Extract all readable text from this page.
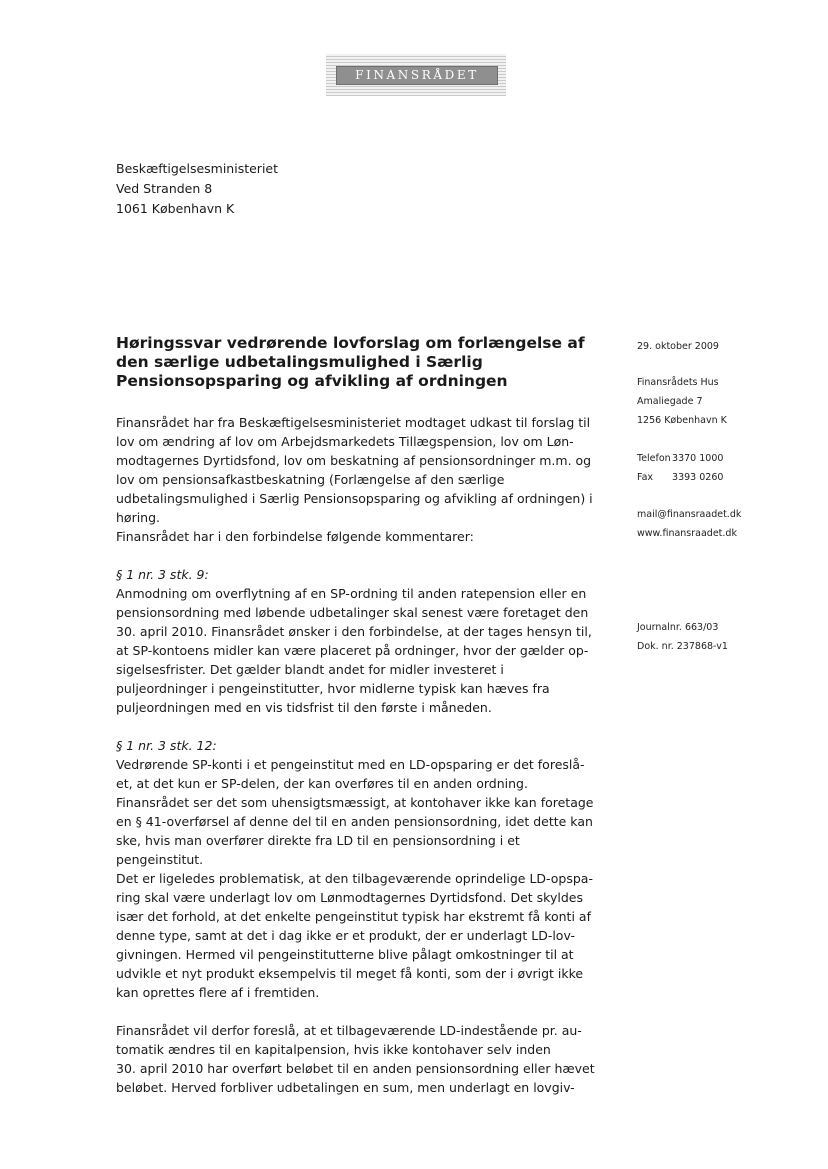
FINANSRÅDET
Beskæftigelsesministeriet
Ved Stranden 8
1061 København K
Høringssvar vedrørende lovforslag om forlængelse af
den særlige udbetalingsmulighed i Særlig
Pensionsopsparing og afvikling af ordningen
29. oktober 2009
Finansrådets Hus
Amaliegade 7
1256 København K
Telefon 3370 1000
Fax 3393 0260
mail@finansraadet.dk
www.finansraadet.dk
Journalnr. 663/03
Dok. nr. 237868-v1
Finansrådet har fra Beskæftigelsesministeriet modtaget udkast til forslag til
lov om ændring af lov om Arbejdsmarkedets Tillægspension, lov om Løn-
modtagernes Dyrtidsfond, lov om beskatning af pensionsordninger m.m. og
lov om pensionsafkastbeskatning (Forlængelse af den særlige
udbetalingsmulighed i Særlig Pensionsopsparing og afvikling af ordningen) i
høring.
Finansrådet har i den forbindelse følgende kommentarer:
§ 1 nr. 3 stk. 9:
Anmodning om overflytning af en SP-ordning til anden ratepension eller en
pensionsordning med løbende udbetalinger skal senest være foretaget den
30. april 2010. Finansrådet ønsker i den forbindelse, at der tages hensyn til,
at SP-kontoens midler kan være placeret på ordninger, hvor der gælder op-
sigelsesfrister. Det gælder blandt andet for midler investeret i
puljeordninger i pengeinstitutter, hvor midlerne typisk kan hæves fra
puljeordningen med en vis tidsfrist til den første i måneden.
§ 1 nr. 3 stk. 12:
Vedrørende SP-konti i et pengeinstitut med en LD-opsparing er det foreslå-
et, at det kun er SP-delen, der kan overføres til en anden ordning.
Finansrådet ser det som uhensigtsmæssigt, at kontohaver ikke kan foretage
en § 41-overførsel af denne del til en anden pensionsordning, idet dette kan
ske, hvis man overfører direkte fra LD til en pensionsordning i et
pengeinstitut.
Det er ligeledes problematisk, at den tilbageværende oprindelige LD-opspa-
ring skal være underlagt lov om Lønmodtagernes Dyrtidsfond. Det skyldes
især det forhold, at det enkelte pengeinstitut typisk har ekstremt få konti af
denne type, samt at det i dag ikke er et produkt, der er underlagt LD-lov-
givningen. Hermed vil pengeinstitutterne blive pålagt omkostninger til at
udvikle et nyt produkt eksempelvis til meget få konti, som der i øvrigt ikke
kan oprettes flere af i fremtiden.
Finansrådet vil derfor foreslå, at et tilbageværende LD-indestående pr. au-
tomatik ændres til en kapitalpension, hvis ikke kontohaver selv inden
30. april 2010 har overført beløbet til en anden pensionsordning eller hævet
beløbet. Herved forbliver udbetalingen en sum, men underlagt en lovgiv-
